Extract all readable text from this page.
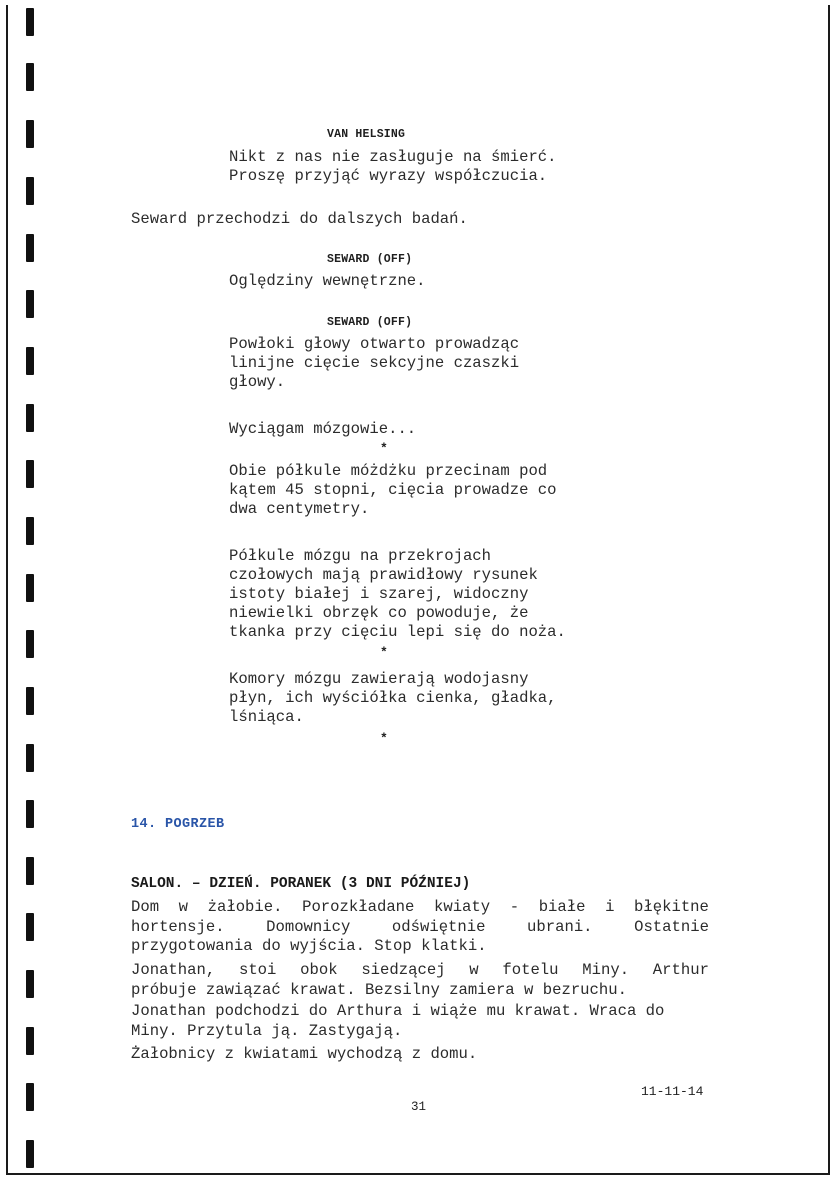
VAN HELSING
Nikt z nas nie zasługuje na śmierć.
Proszę przyjąć wyrazy współczucia.
Seward przechodzi do dalszych badań.
SEWARD (OFF)
Oględziny wewnętrzne.
SEWARD (OFF)
Powłoki głowy otwarto prowadząc
linijne cięcie sekcyjne czaszki
głowy.
Wyciągam mózgowie...
*
Obie półkule móżdżku przecinam pod
kątem 45 stopni, cięcia prowadze co
dwa centymetry.
Półkule mózgu na przekrojach
czołowych mają prawidłowy rysunek
istoty białej i szarej, widoczny
niewielki obrzęk co powoduje, że
tkanka przy cięciu lepi się do noża.
*
Komory mózgu zawierają wodojasny
płyn, ich wyściółka cienka, gładka,
lśniąca.
*
14. POGRZEB
SALON. – DZIEŃ. PORANEK (3 DNI PÓŹNIEJ)
Dom w żałobie. Porozkładane kwiaty - białe i błękitne
hortensje.	Domownicy	odświętnie	ubrani.	Ostatnie
przygotowania do wyjścia. Stop klatki.
Jonathan, stoi obok siedzącej w fotelu Miny. Arthur
próbuje zawiązać krawat. Bezsilny zamiera w bezruchu.
Jonathan podchodzi do Arthura i wiąże mu krawat. Wraca do
Miny. Przytula ją. Zastygają.
Żałobnicy z kwiatami wychodzą z domu.
11-11-14
31
